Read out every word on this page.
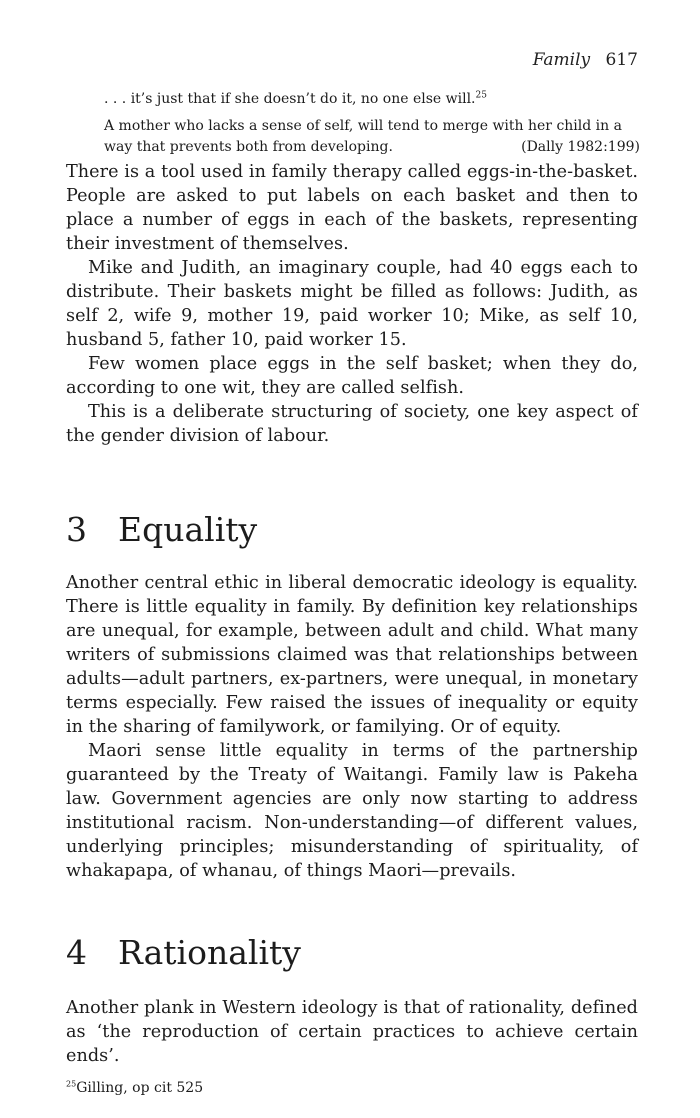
Family 617
. . . it’s just that if she doesn’t do it, no one else will.$^{25}$
A mother who lacks a sense of self, will tend to merge with her child in a
way that prevents both from developing.	(Dally 1982:199)

There is a tool used in family therapy called eggs-in-the-basket. People are asked to put labels on each basket and then to place a number of eggs in each of the baskets, representing their investment of themselves.

Mike and Judith, an imaginary couple, had 40 eggs each to distribute. Their baskets might be filled as follows: Judith, as self 2, wife 9, mother 19, paid worker 10; Mike, as self 10, husband 5, father 10, paid worker 15.

Few women place eggs in the self basket; when they do, according to one wit, they are called selfish.

This is a deliberate structuring of society, one key aspect of the gender division of labour.

3 Equality

Another central ethic in liberal democratic ideology is equality. There is little equality in family. By definition key relationships are unequal, for example, between adult and child. What many writers of submissions claimed was that relationships between adults—adult partners, ex-partners, were unequal, in monetary terms especially. Few raised the issues of inequality or equity in the sharing of familywork, or familying. Or of equity.

Maori sense little equality in terms of the partnership guaranteed by the Treaty of Waitangi. Family law is Pakeha law. Government agencies are only now starting to address institutional racism. Non-understanding—of different values, underlying principles; misunderstanding of spirituality, of whakapapa, of whanau, of things Maori—prevails.

4 Rationality

Another plank in Western ideology is that of rationality, defined as ‘the reproduction of certain practices to achieve certain ends’.

$^{25}$Gilling, op cit 525
